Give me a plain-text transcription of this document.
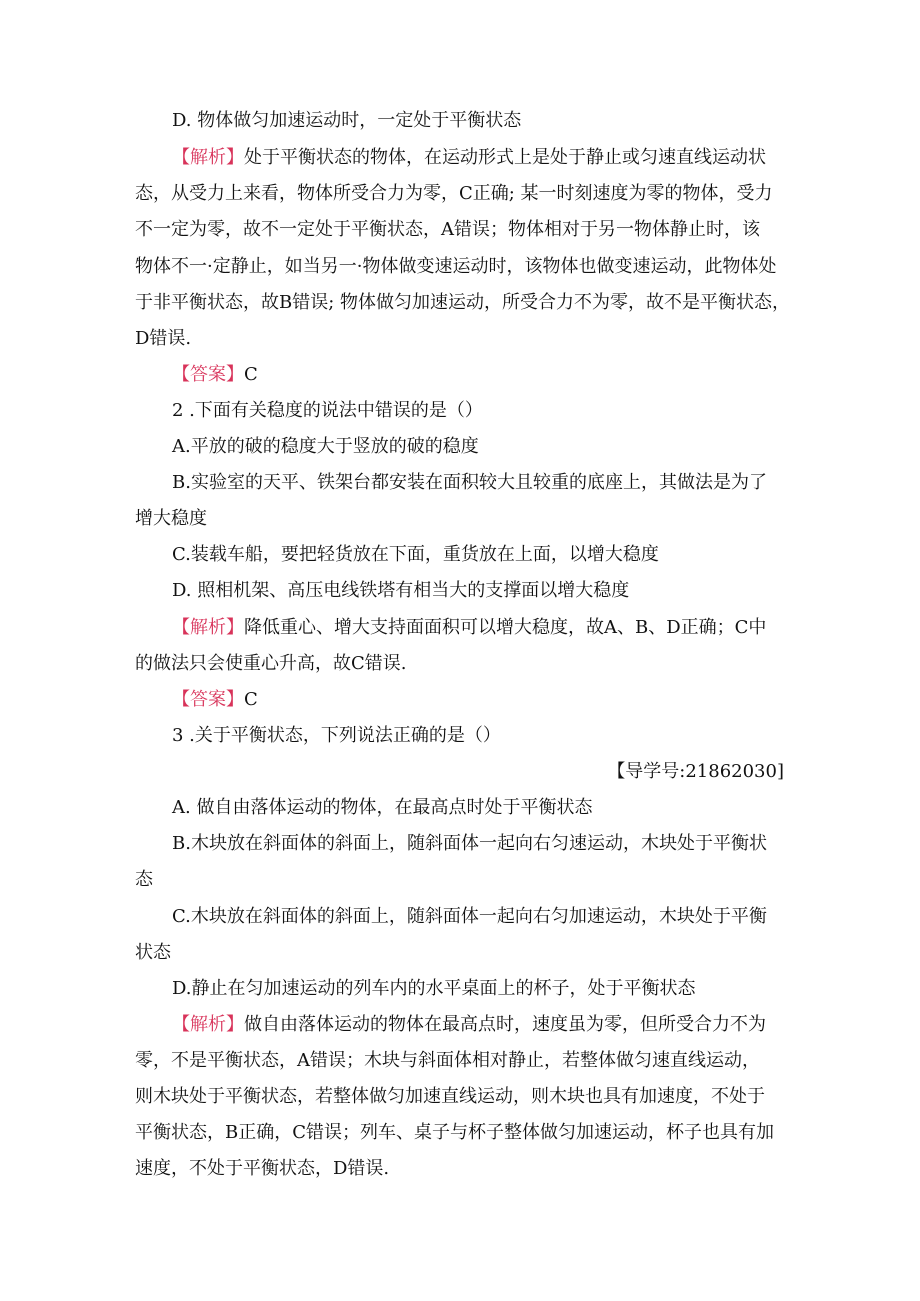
D. 物体做匀加速运动时，一定处于平衡状态
【解析】处于平衡状态的物体，在运动形式上是处于静止或匀速直线运动状
态，从受力上来看，物体所受合力为零，C正确; 某一时刻速度为零的物体，受力
不一定为零，故不一定处于平衡状态，A错误；物体相对于另一物体静止时，该
物体不一·定静止，如当另一·物体做变速运动时，该物体也做变速运动，此物体处
于非平衡状态，故B错误; 物体做匀加速运动，所受合力不为零，故不是平衡状态，
D错误.
【答案】C
2 .下面有关稳度的说法中错误的是（）
A.平放的破的稳度大于竖放的破的稳度
B.实验室的天平、铁架台都安装在面积较大且较重的底座上，其做法是为了
增大稳度
C.装载车船，要把轻货放在下面，重货放在上面，以增大稳度
D. 照相机架、高压电线铁塔有相当大的支撑面以增大稳度
【解析】降低重心、增大支持面面积可以增大稳度，故A、B、D正确；C中
的做法只会使重心升高，故C错误.
【答案】C
3 .关于平衡状态，下列说法正确的是（）
【导学号:21862030]
A. 做自由落体运动的物体，在最高点时处于平衡状态
B.木块放在斜面体的斜面上，随斜面体一起向右匀速运动，木块处于平衡状
态
C.木块放在斜面体的斜面上，随斜面体一起向右匀加速运动，木块处于平衡
状态
D.静止在匀加速运动的列车内的水平桌面上的杯子，处于平衡状态
【解析】做自由落体运动的物体在最高点时，速度虽为零，但所受合力不为
零，不是平衡状态，A错误；木块与斜面体相对静止，若整体做匀速直线运动，
则木块处于平衡状态，若整体做匀加速直线运动，则木块也具有加速度，不处于
平衡状态，B正确，C错误；列车、桌子与杯子整体做匀加速运动，杯子也具有加
速度，不处于平衡状态，D错误.
